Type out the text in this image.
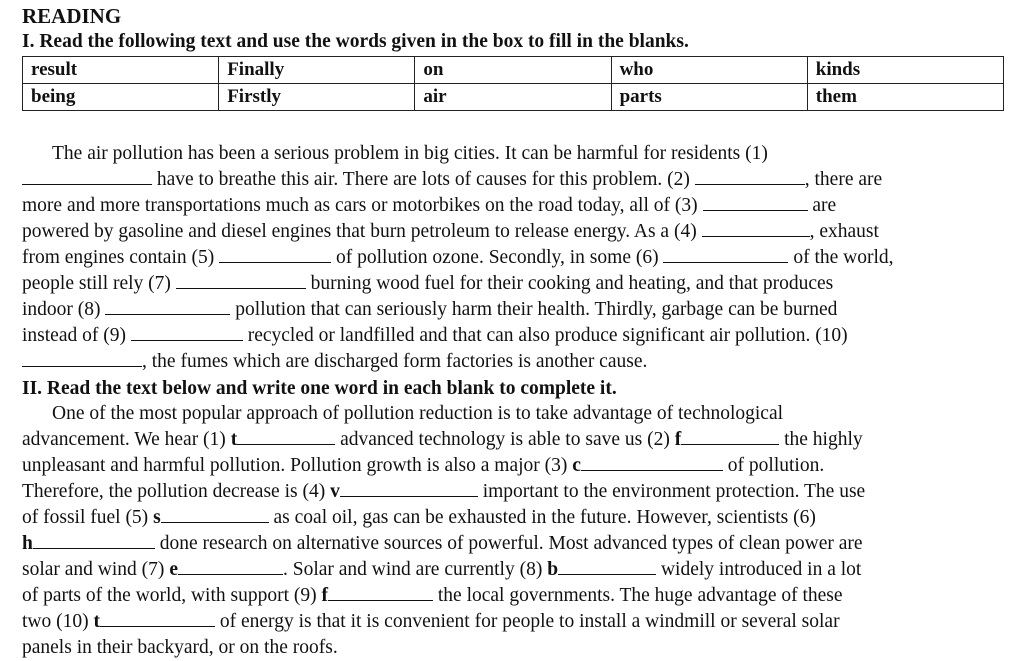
READING
I. Read the following text and use the words given in the box to fill in the blanks.
result	Finally	on	who	kinds
being	Firstly	air	parts	them
The air pollution has been a serious problem in big cities. It can be harmful for residents (1)
have to breathe this air. There are lots of causes for this problem. (2)	, there are
more and more transportations much as cars or motorbikes on the road today, all of (3)	are
powered by gasoline and diesel engines that burn petroleum to release energy. As a (4)	, exhaust
from engines contain (5)	of pollution ozone. Secondly, in some (6)	of the world,
people still rely (7)	burning wood fuel for their cooking and heating, and that produces
indoor (8)	pollution that can seriously harm their health. Thirdly, garbage can be burned
instead of (9)	recycled or landfilled and that can also produce significant air pollution. (10)
, the fumes which are discharged form factories is another cause.
II. Read the text below and write one word in each blank to complete it.
One of the most popular approach of pollution reduction is to take advantage of technological
advancement. We hear (1) t	advanced technology is able to save us (2) f	the highly
unpleasant and harmful pollution. Pollution growth is also a major (3) c	of pollution.
Therefore, the pollution decrease is (4) v	important to the environment protection. The use
of fossil fuel (5) s	as coal oil, gas can be exhausted in the future. However, scientists (6)
h	done research on alternative sources of powerful. Most advanced types of clean power are
solar and wind (7) e	. Solar and wind are currently (8) b	widely introduced in a lot
of parts of the world, with support (9) f	the local governments. The huge advantage of these
two (10) t	of energy is that it is convenient for people to install a windmill or several solar
panels in their backyard, or on the roofs.
